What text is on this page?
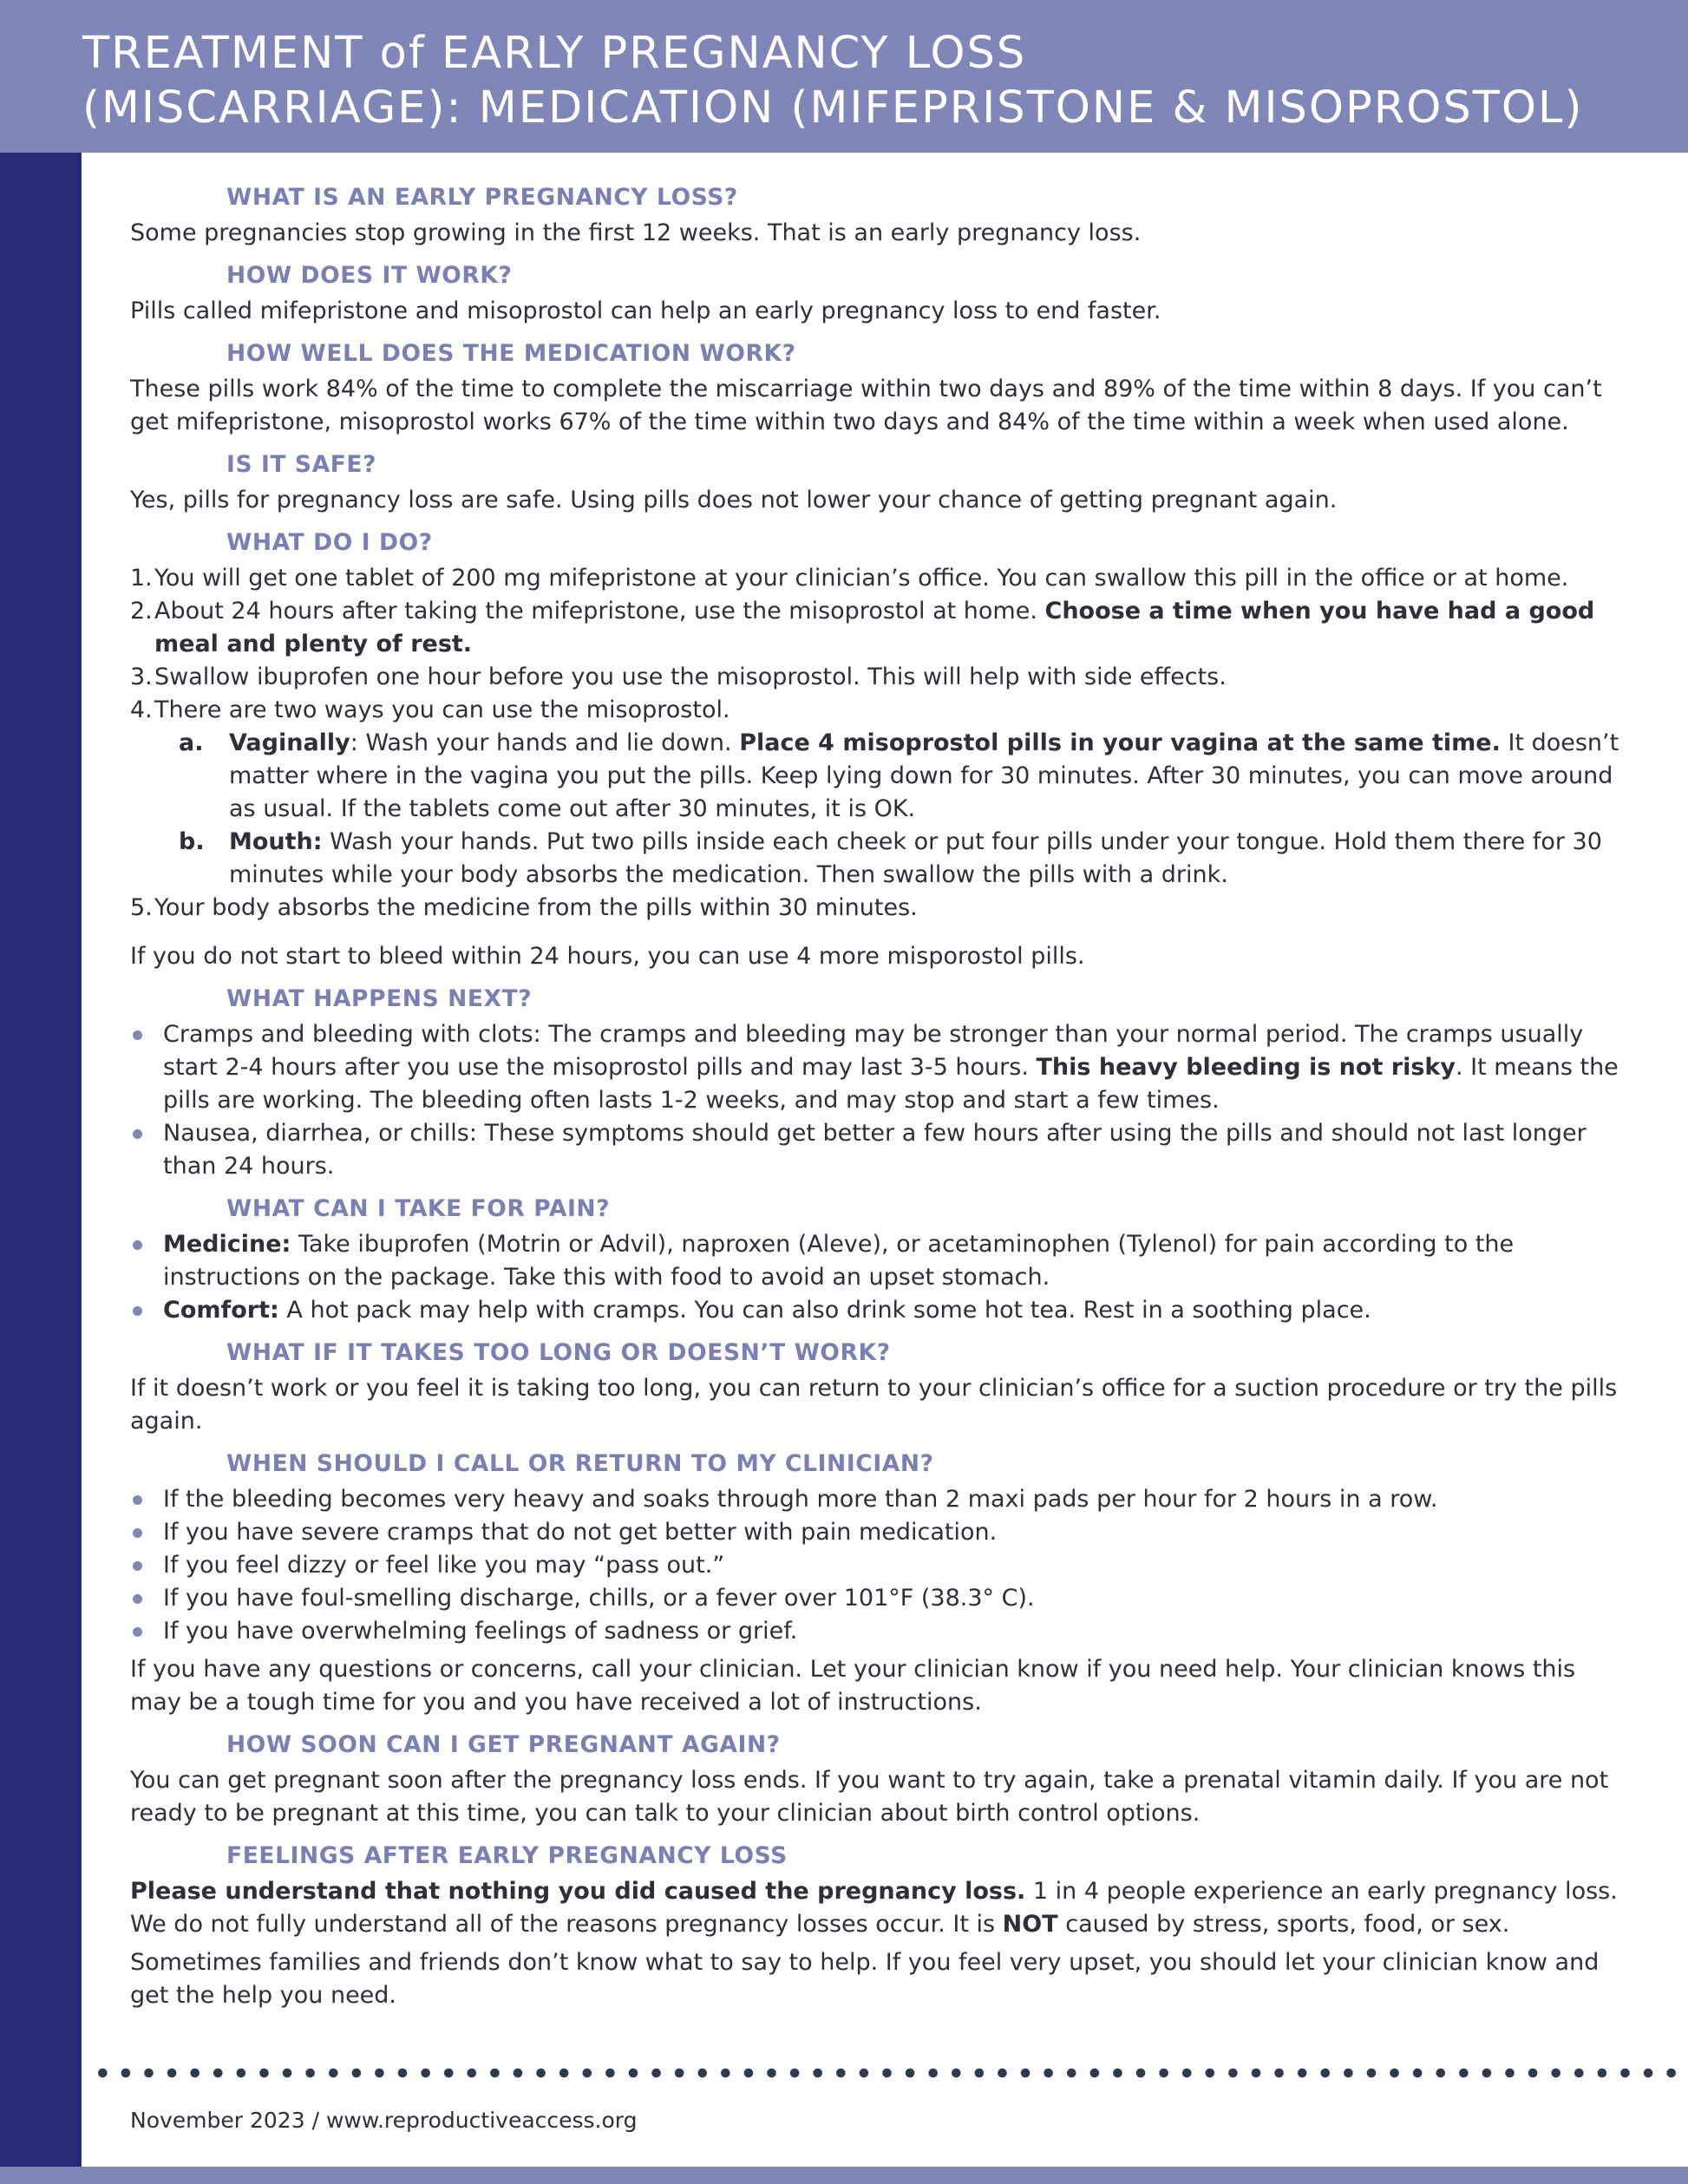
TREATMENT of EARLY PREGNANCY LOSS
(MISCARRIAGE): MEDICATION (MIFEPRISTONE & MISOPROSTOL)
WHAT IS AN EARLY PREGNANCY LOSS?

Some pregnancies stop growing in the first 12 weeks. That is an early pregnancy loss.

HOW DOES IT WORK?

Pills called mifepristone and misoprostol can help an early pregnancy loss to end faster.

HOW WELL DOES THE MEDICATION WORK?

These pills work 84% of the time to complete the miscarriage within two days and 89% of the time within 8 days. If you can’t get mifepristone, misoprostol works 67% of the time within two days and 84% of the time within a week when used alone.

IS IT SAFE?

Yes, pills for pregnancy loss are safe. Using pills does not lower your chance of getting pregnant again.

WHAT DO I DO?
1. You will get one tablet of 200 mg mifepristone at your clinician’s office. You can swallow this pill in the office or at home.
2. About 24 hours after taking the mifepristone, use the misoprostol at home. Choose a time when you have had a good meal and plenty of rest.
3. Swallow ibuprofen one hour before you use the misoprostol. This will help with side effects.
4. There are two ways you can use the misoprostol.
a. Vaginally: Wash your hands and lie down. Place 4 misoprostol pills in your vagina at the same time. It doesn’t matter where in the vagina you put the pills. Keep lying down for 30 minutes. After 30 minutes, you can move around as usual. If the tablets come out after 30 minutes, it is OK.
b. Mouth: Wash your hands. Put two pills inside each cheek or put four pills under your tongue. Hold them there for 30 minutes while your body absorbs the medication. Then swallow the pills with a drink.
5. Your body absorbs the medicine from the pills within 30 minutes.

If you do not start to bleed within 24 hours, you can use 4 more misporostol pills.

WHAT HAPPENS NEXT?
Cramps and bleeding with clots: The cramps and bleeding may be stronger than your normal period. The cramps usually start 2-4 hours after you use the misoprostol pills and may last 3-5 hours. This heavy bleeding is not risky. It means the pills are working. The bleeding often lasts 1-2 weeks, and may stop and start a few times.
Nausea, diarrhea, or chills: These symptoms should get better a few hours after using the pills and should not last longer than 24 hours.
WHAT CAN I TAKE FOR PAIN?
Medicine: Take ibuprofen (Motrin or Advil), naproxen (Aleve), or acetaminophen (Tylenol) for pain according to the instructions on the package. Take this with food to avoid an upset stomach.
Comfort: A hot pack may help with cramps. You can also drink some hot tea. Rest in a soothing place.
WHAT IF IT TAKES TOO LONG OR DOESN’T WORK?

If it doesn’t work or you feel it is taking too long, you can return to your clinician’s office for a suction procedure or try the pills again.

WHEN SHOULD I CALL OR RETURN TO MY CLINICIAN?
If the bleeding becomes very heavy and soaks through more than 2 maxi pads per hour for 2 hours in a row.
If you have severe cramps that do not get better with pain medication.
If you feel dizzy or feel like you may “pass out.”
If you have foul-smelling discharge, chills, or a fever over 101°F (38.3° C).
If you have overwhelming feelings of sadness or grief.

If you have any questions or concerns, call your clinician. Let your clinician know if you need help. Your clinician knows this may be a tough time for you and you have received a lot of instructions.

HOW SOON CAN I GET PREGNANT AGAIN?

You can get pregnant soon after the pregnancy loss ends. If you want to try again, take a prenatal vitamin daily. If you are not ready to be pregnant at this time, you can talk to your clinician about birth control options.

FEELINGS AFTER EARLY PREGNANCY LOSS

Please understand that nothing you did caused the pregnancy loss. 1 in 4 people experience an early pregnancy loss. We do not fully understand all of the reasons pregnancy losses occur. It is NOT caused by stress, sports, food, or sex.

Sometimes families and friends don’t know what to say to help. If you feel very upset, you should let your clinician know and get the help you need.

November 2023 / www.reproductiveaccess.org
